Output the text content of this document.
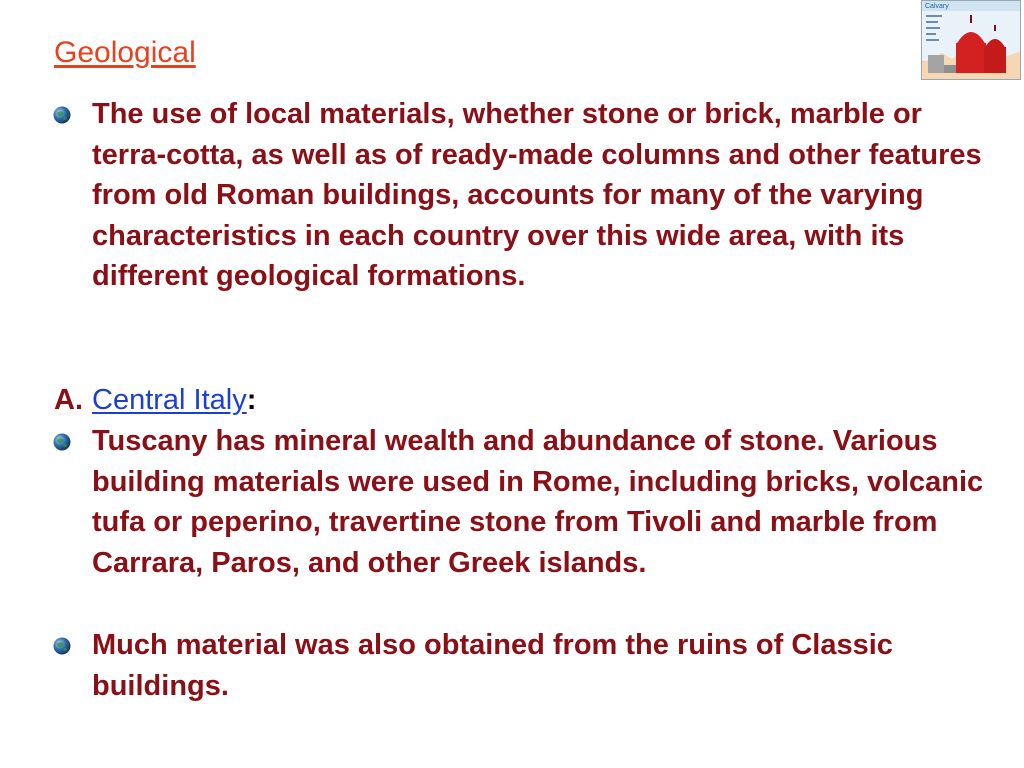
Geological
Calvary
The use of local materials, whether stone or brick, marble or terra-cotta, as well as of ready-made columns and other features from old Roman buildings, accounts for many of the varying characteristics in each country over this wide area, with its different geological formations.
A. Central Italy:
Tuscany has mineral wealth and abundance of stone. Various building materials were used in Rome, including bricks, volcanic tufa or peperino, travertine stone from Tivoli and marble from Carrara, Paros, and other Greek islands.
Much material was also obtained from the ruins of Classic buildings.
